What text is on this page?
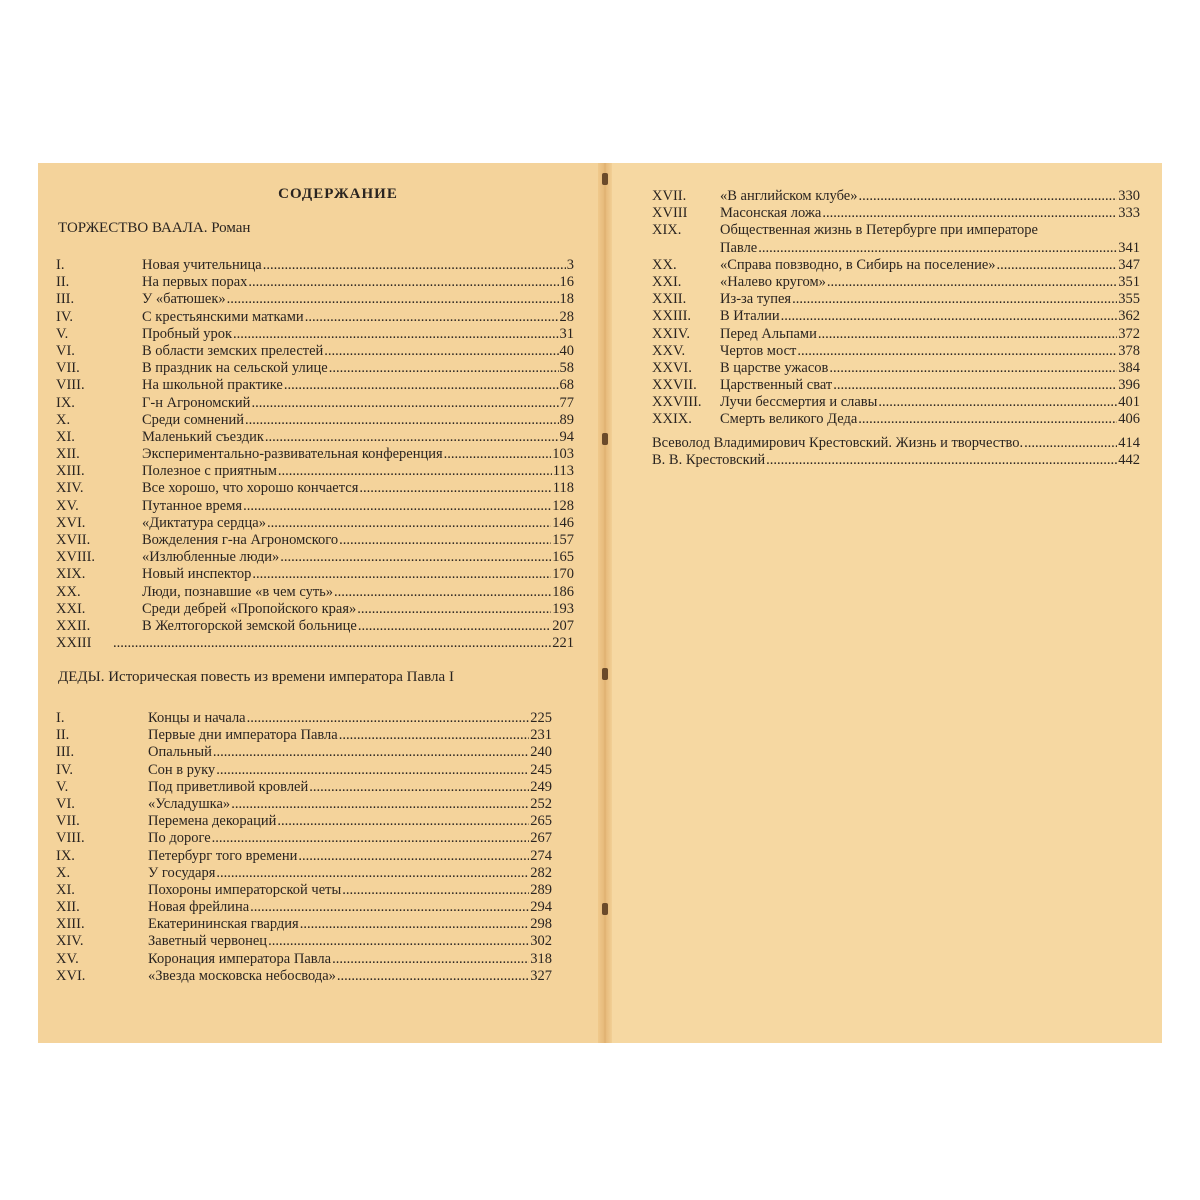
СОДЕРЖАНИЕ
ТОРЖЕСТВО ВААЛА. Роман
I.	Новая учительница .....	3
II.	На первых порах .....	16
III.	У «батюшек» .....	18
IV.	С крестьянскими матками .....	28
V.	Пробный урок .....	31
VI.	В области земских прелестей .....	40
VII.	В праздник на сельской улице .....	58
VIII.	На школьной практике .....	68
IX.	Г-н Агрономский .....	77
X.	Среди сомнений .....	89
XI.	Маленький съездик .....	94
XII.	Экспериментально-развивательная конференция .....	103
XIII.	Полезное с приятным .....	113
XIV.	Все хорошо, что хорошо кончается .....	118
XV.	Путанное время .....	128
XVI.	«Диктатура сердца» .....	146
XVII.	Вожделения г-на Агрономского .....	157
XVIII.	«Излюбленные люди» .....	165
XIX.	Новый инспектор .....	170
XX.	Люди, познавшие «в чем суть» .....	186
XXI.	Среди дебрей «Пропойского края» .....	193
XXII.	В Желтогорской земской больнице .....	207
XXIII .....	221
ДЕДЫ. Историческая повесть из времени императора Павла I
I.	Концы и начала .....	225
II.	Первые дни императора Павла .....	231
III.	Опальный .....	240
IV.	Сон в руку .....	245
V.	Под приветливой кровлей .....	249
VI.	«Усладушка» .....	252
VII.	Перемена декораций .....	265
VIII.	По дороге .....	267
IX.	Петербург того времени .....	274
X.	У государя .....	282
XI.	Похороны императорской четы .....	289
XII.	Новая фрейлина .....	294
XIII.	Екатерининская гвардия .....	298
XIV.	Заветный червонец .....	302
XV.	Коронация императора Павла .....	318
XVI.	«Звезда московска небосвода» .....	327
XVII. «В английском клубе» .....	330
XVIII Масонская ложа .....	333
XIX.	Общественная жизнь в Петербурге при императоре
Павле .....	341
XX.	«Справа повзводно, в Сибирь на поселение» .....	347
XXI.	«Налево кругом» .....	351
XXII. Из-за тупея .....	355
XXIII. В Италии .....	362
XXIV. Перед Альпами .....	372
XXV. Чертов мост .....	378
XXVI. В царстве ужасов .....	384
XXVII. Царственный сват .....	396
XXVIII. Лучи бессмертия и славы .....	401
XXIX. Смерть великого Деда .....	406
Всеволод Владимирович Крестовский. Жизнь и творчество. .....	414
В. В. Крестовский .....	442
